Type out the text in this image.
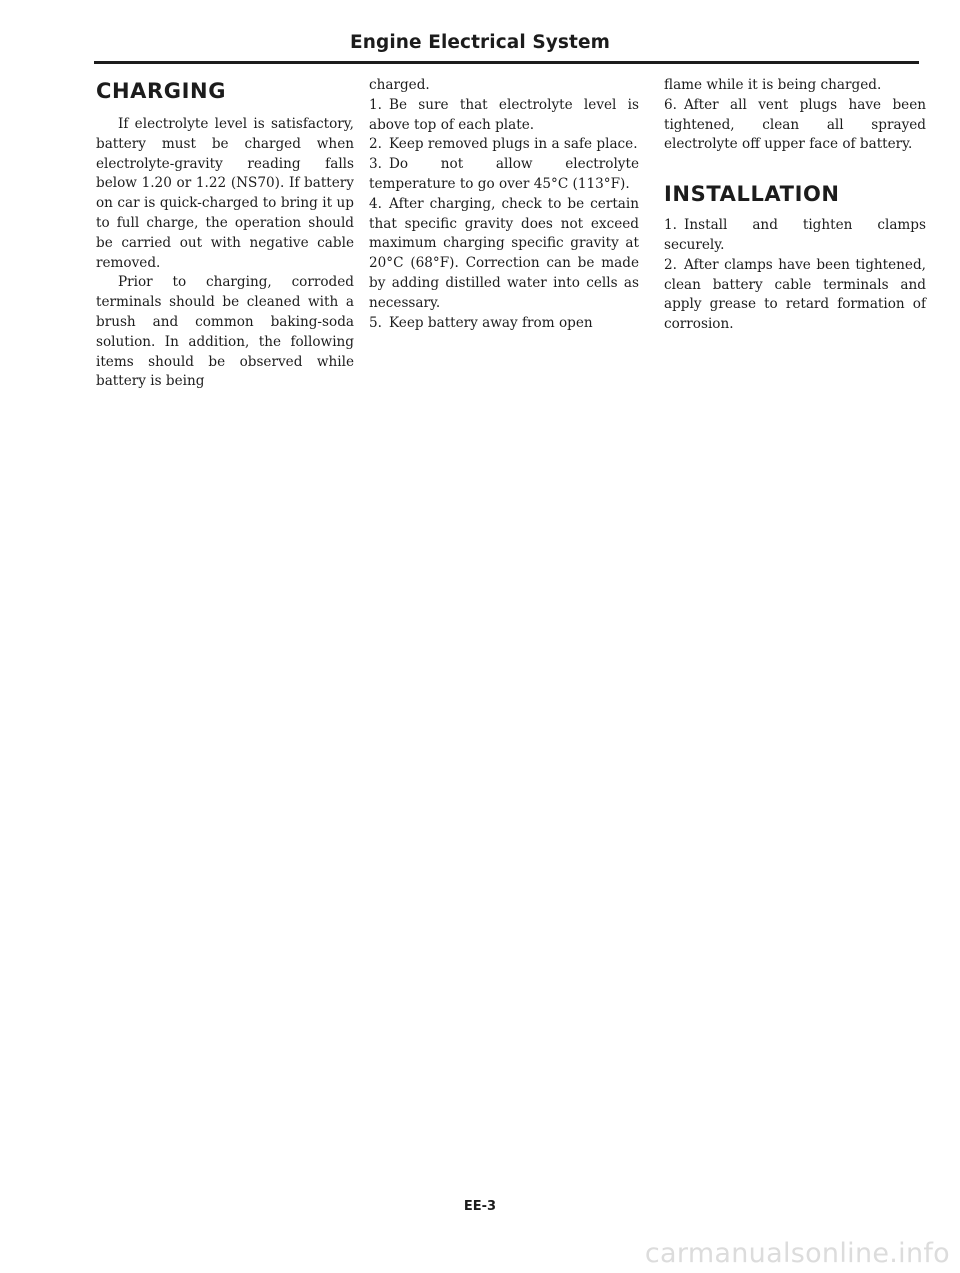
Engine Electrical System
CHARGING

If electrolyte level is satisfactory, battery must be charged when electrolyte-gravity reading falls below 1.20 or 1.22 (NS70). If battery on car is quick-charged to bring it up to full charge, the operation should be carried out with negative cable removed.

Prior to charging, corroded terminals should be cleaned with a brush and common baking-soda solution. In addition, the following items should be observed while battery is being

charged.

1. Be sure that electrolyte level is above top of each plate.

2. Keep removed plugs in a safe place.

3. Do not allow electrolyte temperature to go over 45°C (113°F).

4. After charging, check to be certain that specific gravity does not exceed maximum charging specific gravity at 20°C (68°F). Correction can be made by adding distilled water into cells as necessary.

5. Keep battery away from open

flame while it is being charged.

6. After all vent plugs have been tightened, clean all sprayed electrolyte off upper face of battery.

INSTALLATION

1. Install and tighten clamps securely.

2. After clamps have been tightened, clean battery cable terminals and apply grease to retard formation of corrosion.

EE-3
carmanualsonline.info
